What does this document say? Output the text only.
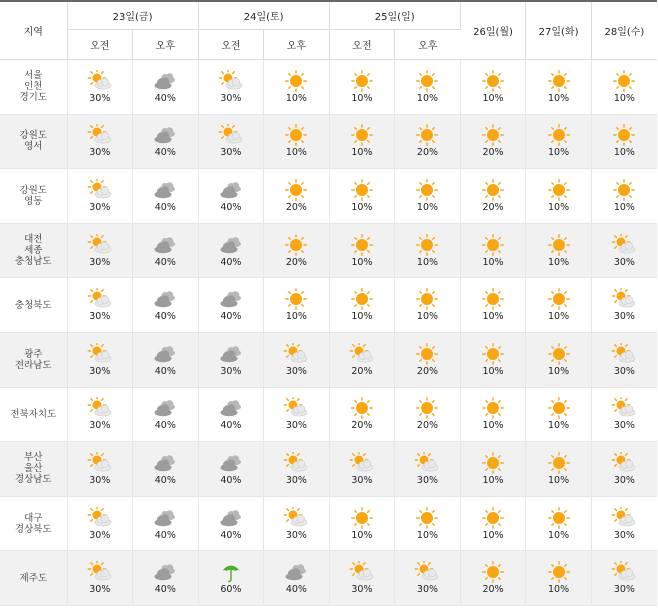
지역	23일(금)		24일(토)		25일(일)		26일(월)	27일(화)	28일(수)
	오전	오후	오전	오후	오전	오후			
서울
인천
경기도	30%	40%	30%	10%	10%	10%	10%	10%	10%

강원도
영서	30%	40%	30%	10%	10%	20%	20%	10%	10%

강원도
영동	30%	40%	40%	20%	10%	10%	20%	10%	10%

대전
세종
충청남도	30%	40%	40%	20%	10%	10%	10%	10%	30%

충청북도	30%	40%	40%	10%	10%	10%	10%	10%	30%

광주
전라남도	30%	40%	30%	30%	20%	20%	10%	10%	30%

전북자치도	30%	40%	40%	30%	20%	20%	10%	10%	30%

부산
울산
경상남도	30%	40%	40%	30%	30%	30%	10%	10%	30%

대구
경상북도	30%	40%	40%	30%	10%	10%	10%	10%	30%

제주도	30%	40%	60%	40%	30%	30%	20%	10%	30%
